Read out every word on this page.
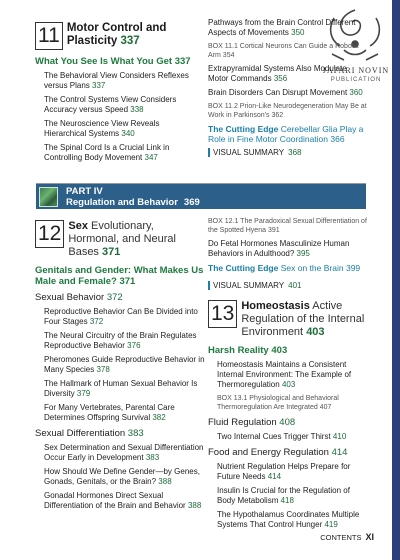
JAFARI NOVIN
PUBLICATION
11 Motor Control and Plasticity 337
What You See Is What You Get 337
The Behavioral View Considers Reflexes versus Plans 337
The Control Systems View Considers Accuracy versus Speed 338
The Neuroscience View Reveals Hierarchical Systems 340
The Spinal Cord Is a Crucial Link in Controlling Body Movement 347
Pathways from the Brain Control Different Aspects of Movements 350
BOX 11.1 Cortical Neurons Can Guide a Robotic Arm 354
Extrapyramidal Systems Also Modulate Motor Commands 356
Brain Disorders Can Disrupt Movement 360
BOX 11.2 Prion-Like Neurodegeneration May Be at Work in Parkinson's 362
The Cutting Edge Cerebellar Glia Play a Role in Fine Motor Coordination 366
VISUAL SUMMARY 368
PART IV
Regulation and Behavior 369
12 Sex Evolutionary, Hormonal, and Neural Bases 371
Genitals and Gender: What Makes Us Male and Female? 371
Sexual Behavior 372
Reproductive Behavior Can Be Divided into Four Stages 372
The Neural Circuitry of the Brain Regulates Reproductive Behavior 376
Pheromones Guide Reproductive Behavior in Many Species 378
The Hallmark of Human Sexual Behavior Is Diversity 379
For Many Vertebrates, Parental Care Determines Offspring Survival 382
Sexual Differentiation 383
Sex Determination and Sexual Differentiation Occur Early in Development 383
How Should We Define Gender—by Genes, Gonads, Genitals, or the Brain? 388
Gonadal Hormones Direct Sexual Differentiation of the Brain and Behavior 388
BOX 12.1 The Paradoxical Sexual Differentiation of the Spotted Hyena 391
Do Fetal Hormones Masculinize Human Behaviors in Adulthood? 395
The Cutting Edge Sex on the Brain 399
VISUAL SUMMARY 401
13 Homeostasis Active Regulation of the Internal Environment 403
Harsh Reality 403
Homeostasis Maintains a Consistent Internal Environment: The Example of Thermoregulation 403
BOX 13.1 Physiological and Behavioral Thermoregulation Are Integrated 407
Fluid Regulation 408
Two Internal Cues Trigger Thirst 410
Food and Energy Regulation 414
Nutrient Regulation Helps Prepare for Future Needs 414
Insulin Is Crucial for the Regulation of Body Metabolism 418
The Hypothalamus Coordinates Multiple Systems That Control Hunger 419
CONTENTS XI
